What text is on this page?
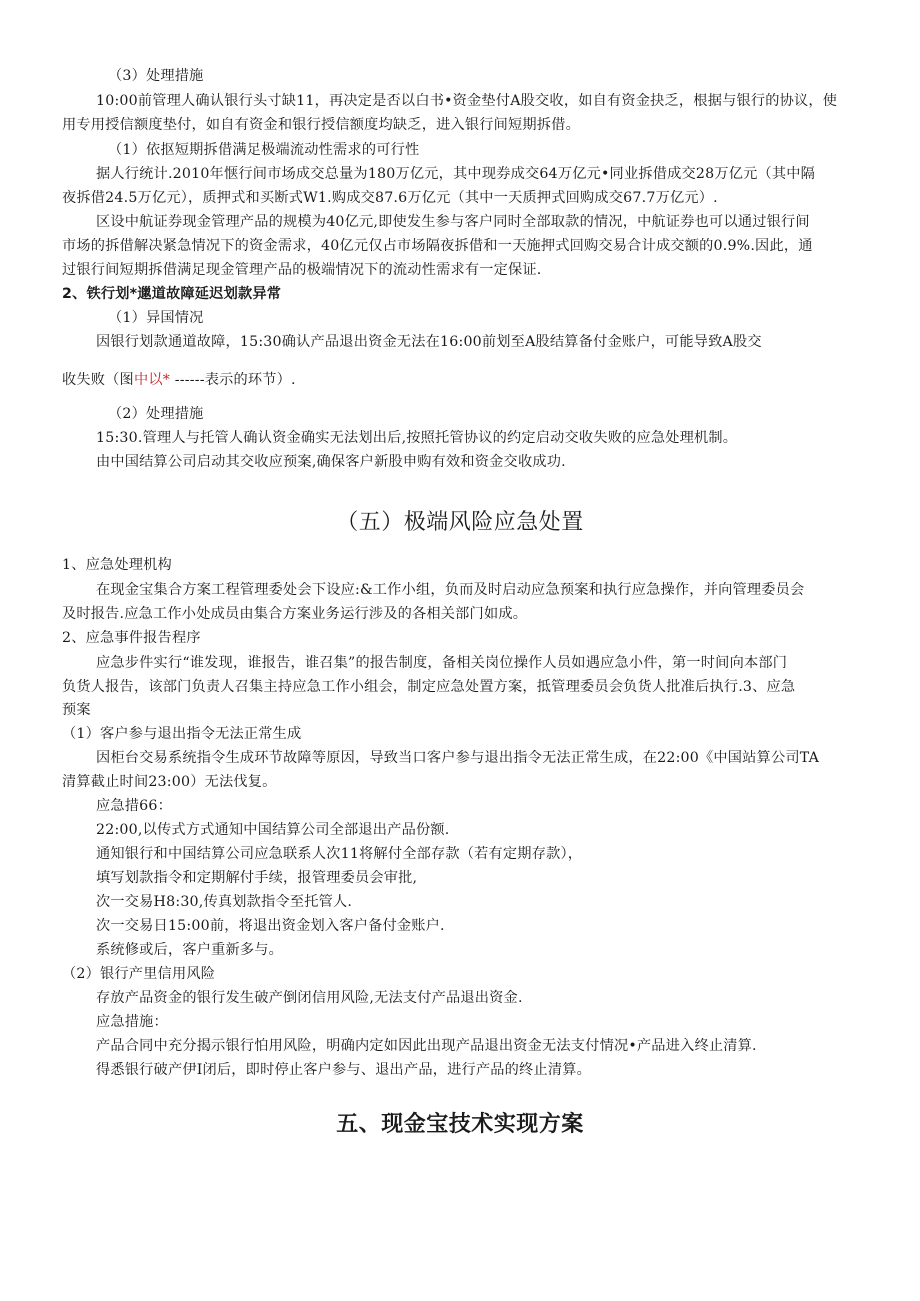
（3）处理措施
10:00前管理人确认银行头寸缺11，再决定是否以白书•资金垫付A股交收，如自有资金抉乏，根据与银行的协议，使
用专用授信额度垫付，如自有资金和银行授信额度均缺乏，进入银行间短期拆借。
（1）依抠短期拆借满足极端流动性需求的可行性
据人行统计.2010年惬行间市场成交总量为180万亿元，其中现券成交64万亿元•同业拆借成交28万亿元（其中隔
夜拆借24.5万亿元），质押式和买断式W1.购成交87.6万亿元（其中一天质押式回购成交67.7万亿元）.
区设中航证券现金管理产品的规模为40亿元,即使发生参与客户同时全部取款的情况，中航证券也可以通过银行间
市场的拆借解决紧急情况下的资金需求，40亿元仅占市场隔夜拆借和一天施押式回购交易合计成交额的0.9%.因此，通
过银行间短期拆借满足现金管理产品的极端情况下的流动性需求有一定保证.
2、铁行划*邋道故障延迟划款异常
（1）异国情况
因银行划款通道故障，15:30确认产品退出资金无法在16:00前划至A股结算备付金账户，可能导致A股交
收失败（图中以* ------表示的环节）.
（2）处理措施
15:30.管理人与托管人确认资金确实无法划出后,按照托管协议的约定启动交收失败的应急处理机制。
由中国结算公司启动其交收应预案,确保客户新股申购有效和资金交收成功.
（五）极端风险应急处置
1、应急处理机构
在现金宝集合方案工程管理委处会下设应:&工作小组，负而及时启动应急预案和执行应急操作，并向管理委员会
及时报告.应急工作小处成员由集合方案业务运行涉及的各相关部门如成。
2、应急事件报告程序
应急步件实行“谁发现，谁报告，谁召集”的报告制度，备相关岗位操作人员如遇应急小件，第一时间向本部门
负货人报告，该部门负责人召集主持应急工作小组会，制定应急处置方案，抵管理委员会负货人批准后执行.3、应急
预案
（1）客户参与退出指令无法正常生成
因柜台交易系统指令生成环节故障等原因，导致当口客户参与退出指令无法正常生成，在22:00《中国站算公司TA
清算截止时间23:00）无法伐复。
应急措66：
22:00,以传式方式通知中国结算公司全部退出产品份额.
通知银行和中国结算公司应急联系人次11将解付全部存款（若有定期存款），
填写划款指令和定期解付手续，报管理委员会审批,
次一交易H8:30,传真划款指令至托管人.
次一交易日15:00前，将退出资金划入客户备付金账户.
系统修或后，客户重新多与。
（2）银行产里信用风险
存放产品资金的银行发生破产倒闭信用风险,无法支付产品退出资金.
应急措施：
产品合同中充分揭示银行怕用风险，明确内定如因此出现产品退出资金无法支付情况•产品进入终止清算.
得悉银行破产伊I闭后，即时停止客户参与、退出产品，进行产品的终止清算。
五、现金宝技术实现方案
